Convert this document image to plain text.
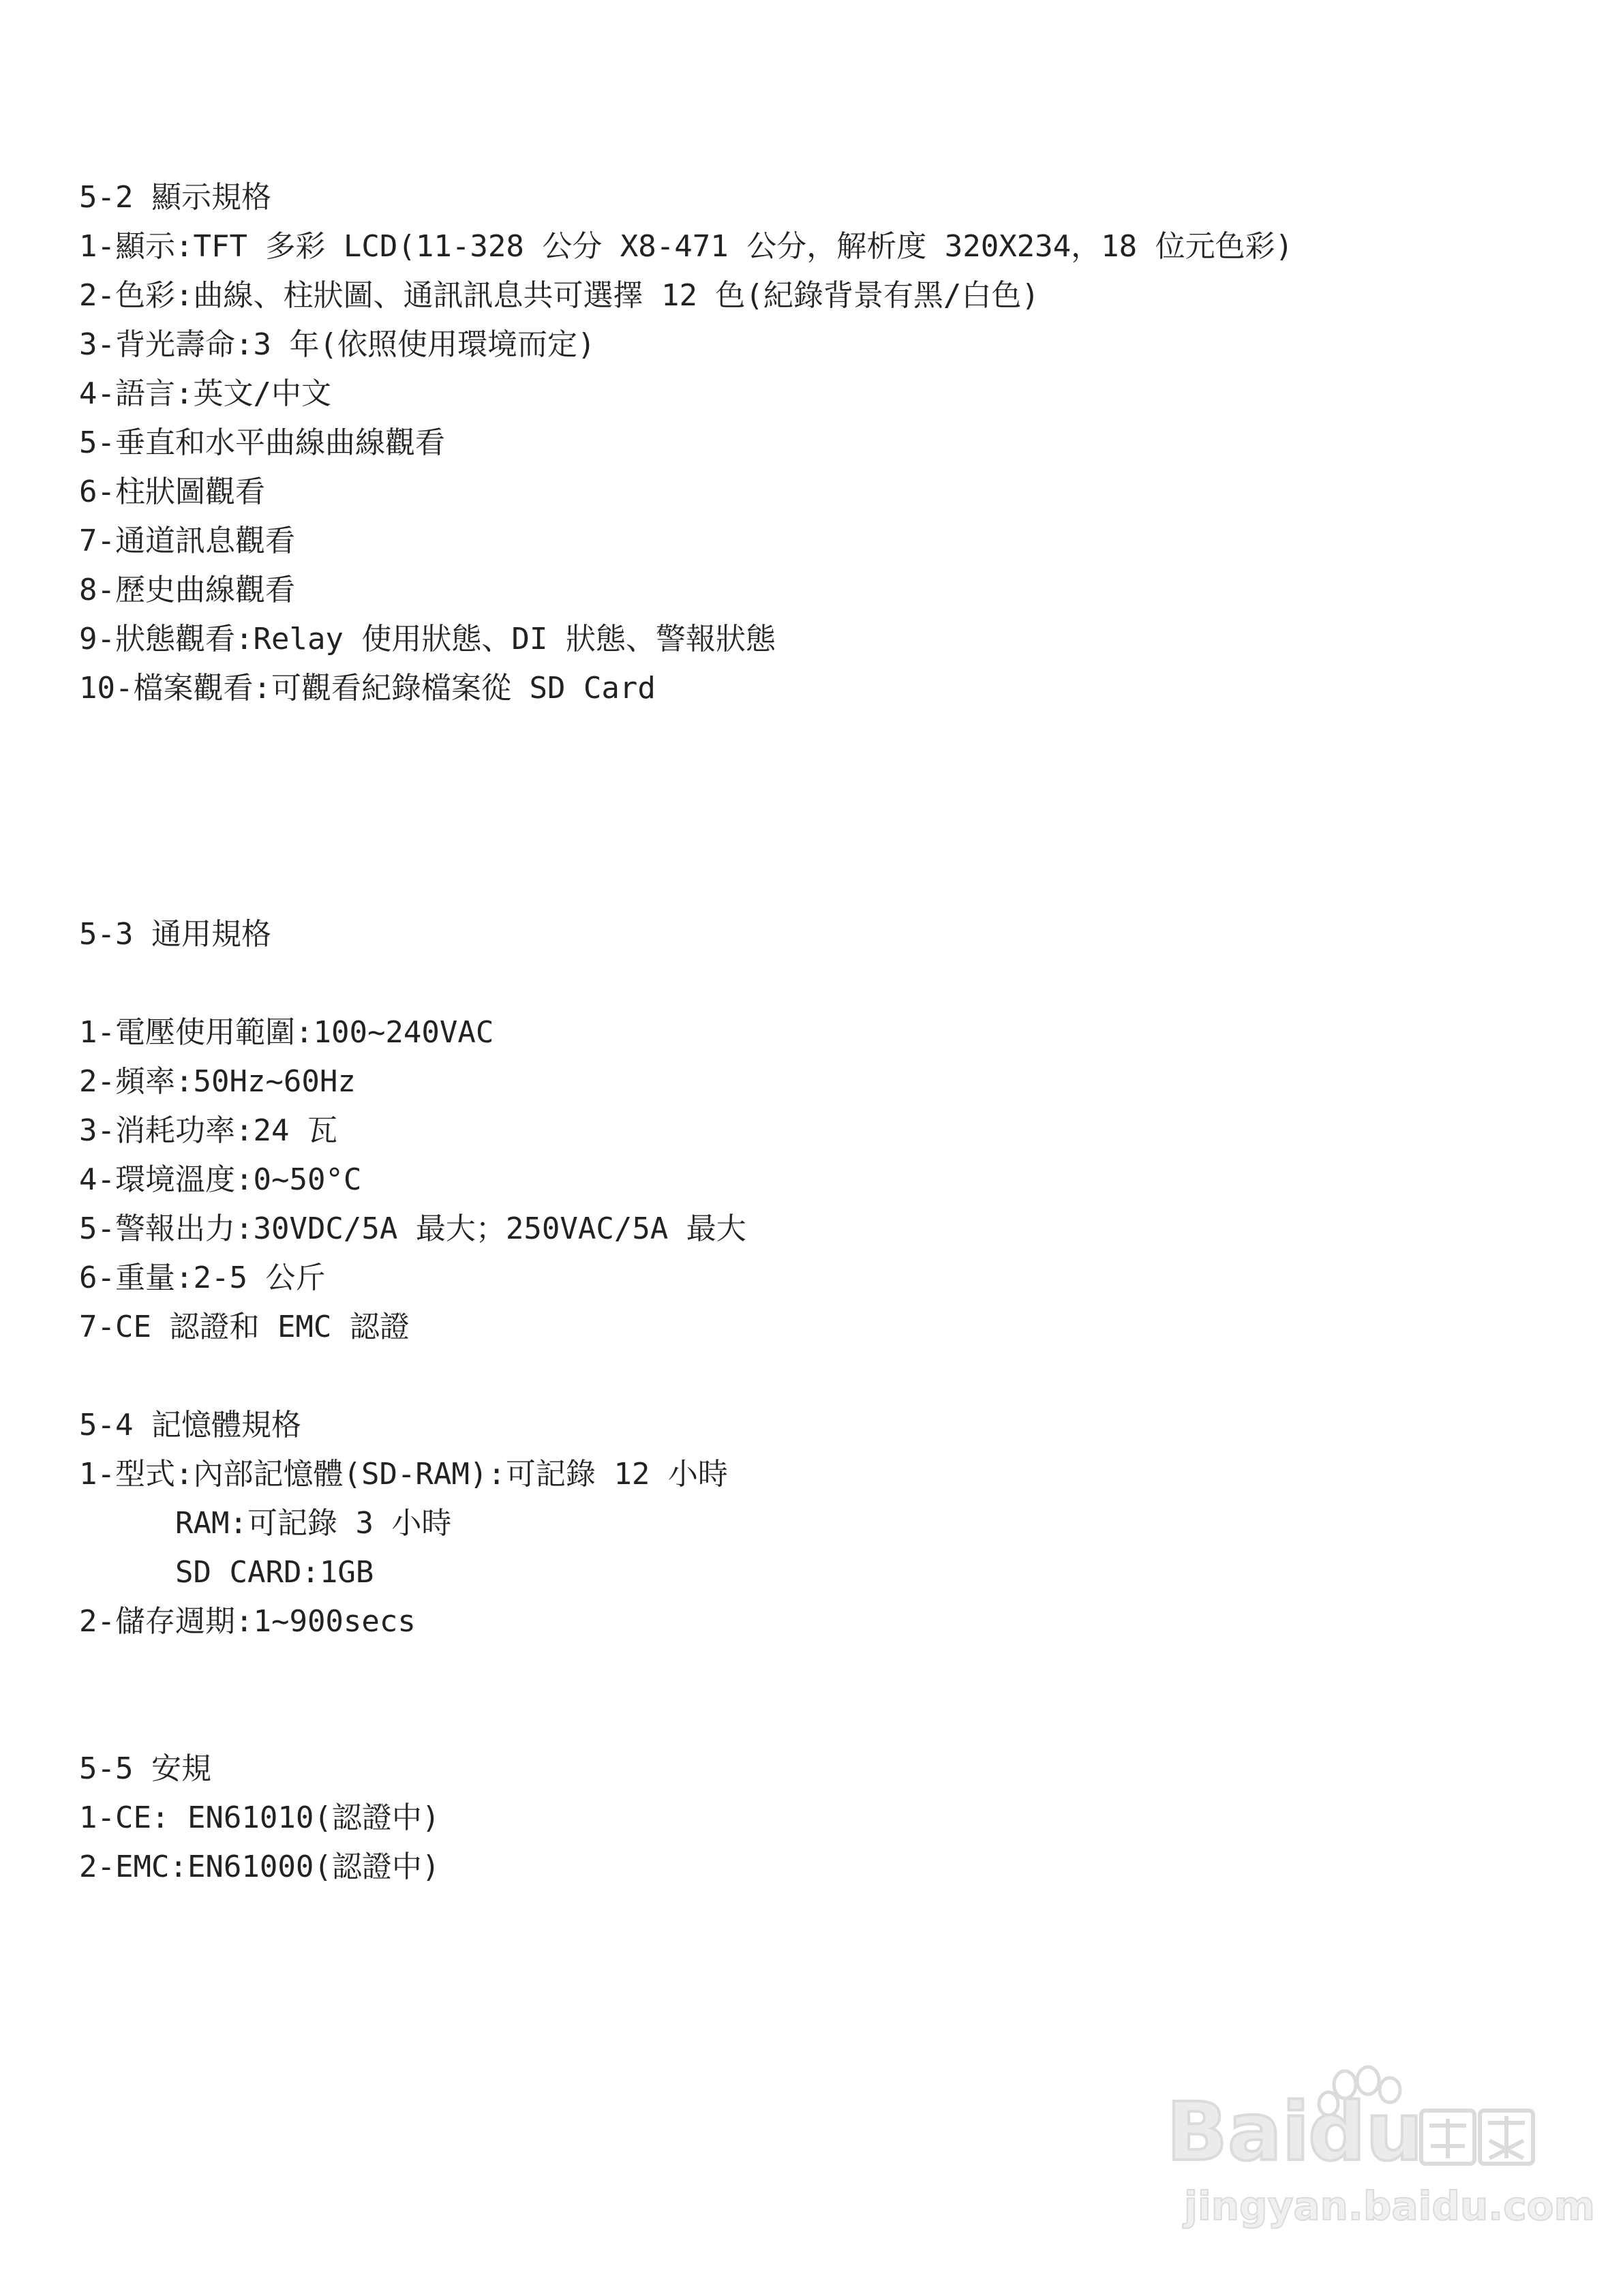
5-2 顯示規格
1-顯示:TFT 多彩 LCD(11-328 公分 X8-471 公分，解析度 320X234，18 位元色彩)
2-色彩:曲線、柱狀圖、通訊訊息共可選擇 12 色(紀錄背景有黑/白色)
3-背光壽命:3 年(依照使用環境而定)
4-語言:英文/中文
5-垂直和水平曲線曲線觀看
6-柱狀圖觀看
7-通道訊息觀看
8-歷史曲線觀看
9-狀態觀看:Relay 使用狀態、DI 狀態、警報狀態
10-檔案觀看:可觀看紀錄檔案從 SD Card
5-3 通用規格
1-電壓使用範圍:100~240VAC
2-頻率:50Hz~60Hz
3-消耗功率:24 瓦
4-環境溫度:0~50°C
5-警報出力:30VDC/5A 最大；250VAC/5A 最大
6-重量:2-5 公斤
7-CE 認證和 EMC 認證
5-4 記憶體規格
1-型式:內部記憶體(SD-RAM):可記錄 12 小時
RAM:可記錄 3 小時
SD CARD:1GB
2-儲存週期:1~900secs
5-5 安規
1-CE: EN61010(認證中)
2-EMC:EN61000(認證中)
Bai
du
jingyan.baidu.com
